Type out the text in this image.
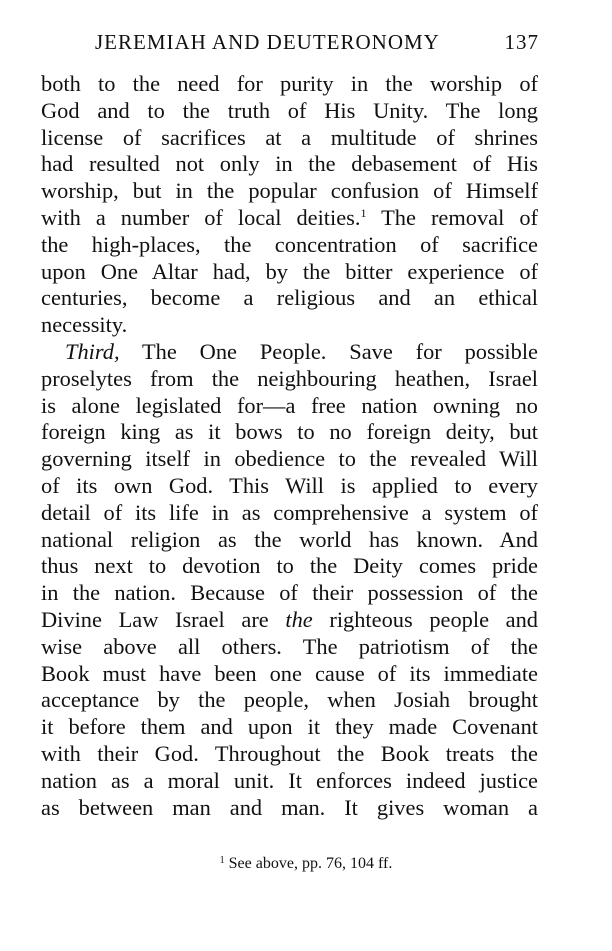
JEREMIAH AND DEUTERONOMY	137
both to the need for purity in the worship of
God and to the truth of His Unity. The long
license of sacrifices at a multitude of shrines
had resulted not only in the debasement of His
worship, but in the popular confusion of Himself
with a number of local deities.$^1$ The removal of
the high-places, the concentration of sacrifice
upon One Altar had, by the bitter experience of
centuries, become a religious and an ethical
necessity.
Third, The One People. Save for possible
proselytes from the neighbouring heathen, Israel
is alone legislated for—a free nation owning no
foreign king as it bows to no foreign deity, but
governing itself in obedience to the revealed Will
of its own God. This Will is applied to every
detail of its life in as comprehensive a system of
national religion as the world has known. And
thus next to devotion to the Deity comes pride
in the nation. Because of their possession of the
Divine Law Israel are the righteous people and
wise above all others. The patriotism of the
Book must have been one cause of its immediate
acceptance by the people, when Josiah brought
it before them and upon it they made Covenant
with their God. Throughout the Book treats the
nation as a moral unit. It enforces indeed justice
as between man and man. It gives woman a
$^1$ See above, pp. 76, 104 ff.
